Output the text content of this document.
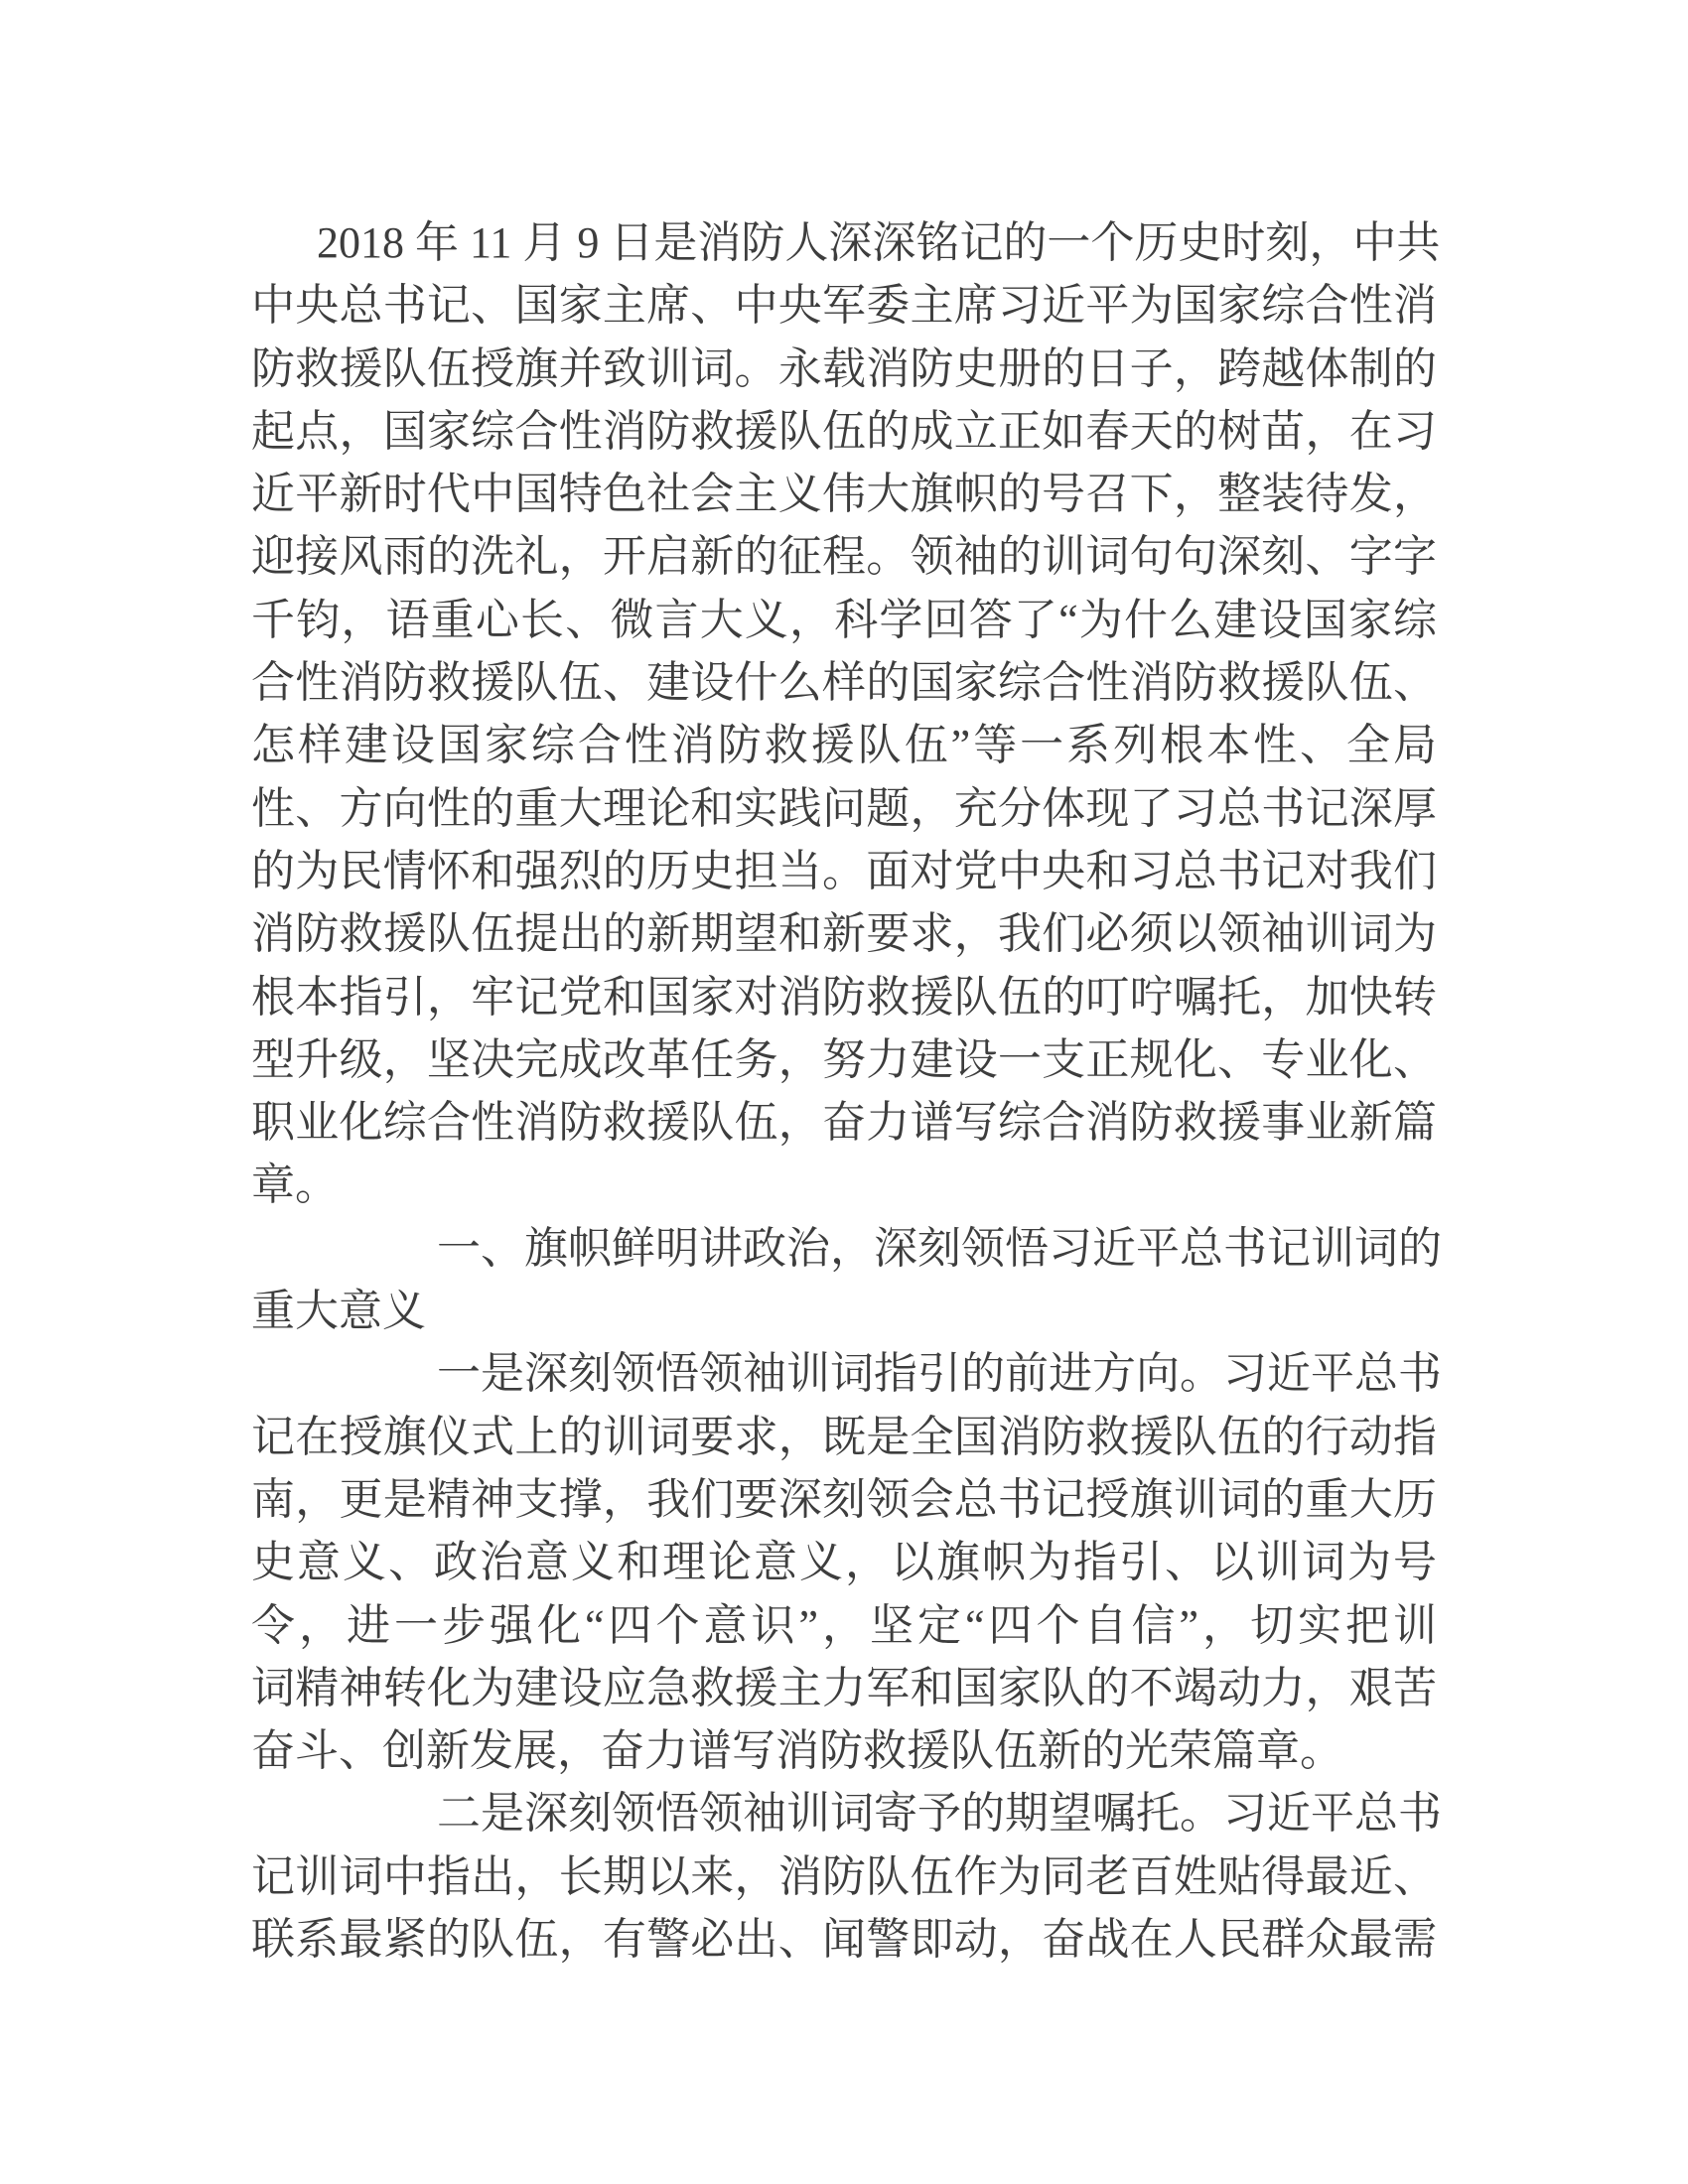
2018 年 11 月 9 日是消防人深深铭记的一个历史时刻，中共
中央总书记、国家主席、中央军委主席习近平为国家综合性消
防救援队伍授旗并致训词。永载消防史册的日子，跨越体制的
起点，国家综合性消防救援队伍的成立正如春天的树苗，在习
近平新时代中国特色社会主义伟大旗帜的号召下，整装待发，
迎接风雨的洗礼，开启新的征程。领袖的训词句句深刻、字字
千钧，语重心长、微言大义，科学回答了“为什么建设国家综
合性消防救援队伍、建设什么样的国家综合性消防救援队伍、
怎样建设国家综合性消防救援队伍”等一系列根本性、全局
性、方向性的重大理论和实践问题，充分体现了习总书记深厚
的为民情怀和强烈的历史担当。面对党中央和习总书记对我们
消防救援队伍提出的新期望和新要求，我们必须以领袖训词为
根本指引，牢记党和国家对消防救援队伍的叮咛嘱托，加快转
型升级，坚决完成改革任务，努力建设一支正规化、专业化、
职业化综合性消防救援队伍，奋力谱写综合消防救援事业新篇
章。
一、旗帜鲜明讲政治，深刻领悟习近平总书记训词的
重大意义
一是深刻领悟领袖训词指引的前进方向。习近平总书
记在授旗仪式上的训词要求，既是全国消防救援队伍的行动指
南，更是精神支撑，我们要深刻领会总书记授旗训词的重大历
史意义、政治意义和理论意义，以旗帜为指引、以训词为号
令，进一步强化“四个意识”，坚定“四个自信”，切实把训
词精神转化为建设应急救援主力军和国家队的不竭动力，艰苦
奋斗、创新发展，奋力谱写消防救援队伍新的光荣篇章。
二是深刻领悟领袖训词寄予的期望嘱托。习近平总书
记训词中指出，长期以来，消防队伍作为同老百姓贴得最近、
联系最紧的队伍，有警必出、闻警即动，奋战在人民群众最需
